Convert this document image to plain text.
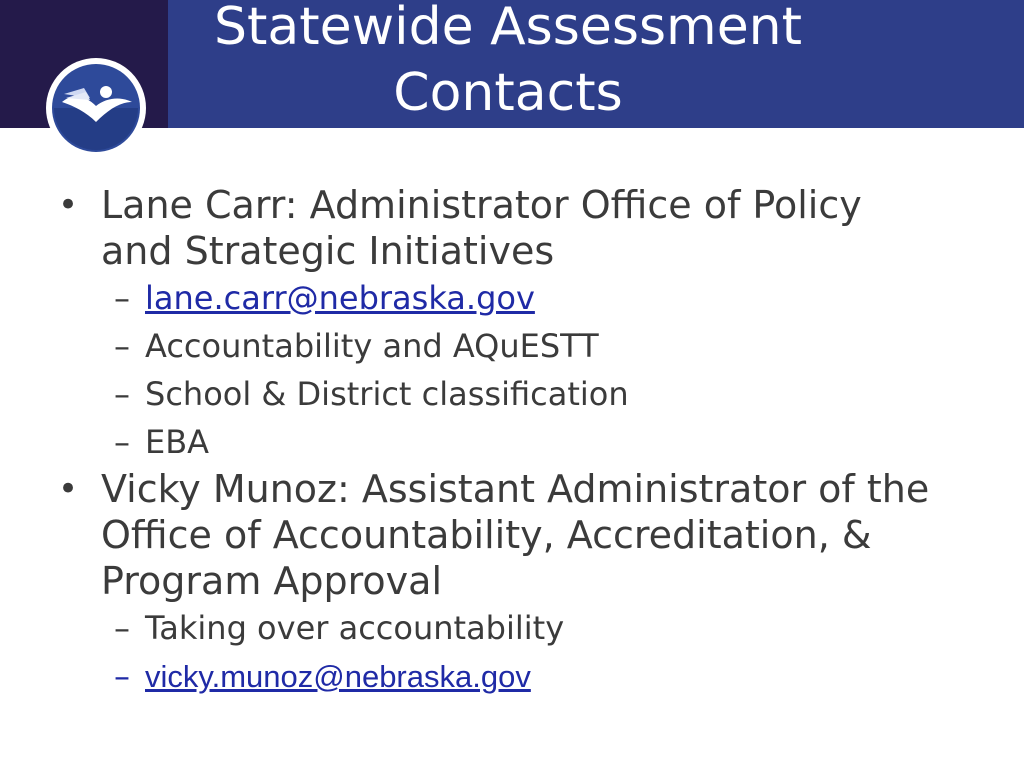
Statewide Assessment
Contacts
• Lane Carr: Administrator Office of Policy and Strategic Initiatives
– lane.carr@nebraska.gov
– Accountability and AQuESTT
– School & District classification
– EBA
• Vicky Munoz: Assistant Administrator of the Office of Accountability, Accreditation, & Program Approval
– Taking over accountability
– vicky.munoz@nebraska.gov
